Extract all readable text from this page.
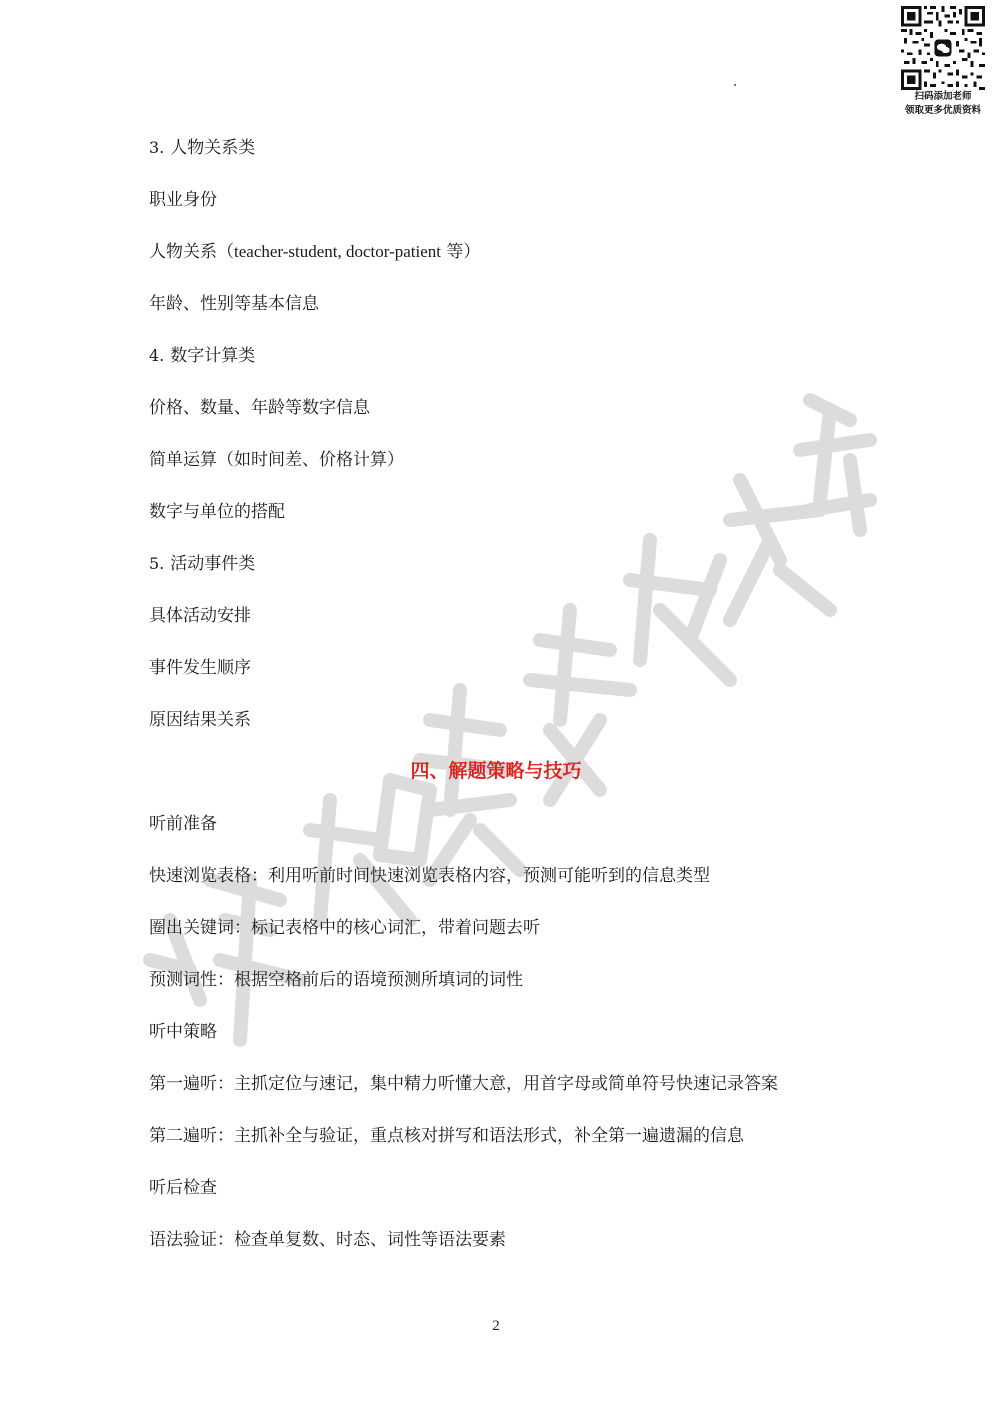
扫码添加老师
领取更多优质资料
3. 人物关系类
职业身份
人物关系（teacher-student, doctor-patient 等）
年龄、性别等基本信息
4. 数字计算类
价格、数量、年龄等数字信息
简单运算（如时间差、价格计算）
数字与单位的搭配
5. 活动事件类
具体活动安排
事件发生顺序
原因结果关系
四、解题策略与技巧
听前准备
快速浏览表格：利用听前时间快速浏览表格内容，预测可能听到的信息类型
圈出关键词：标记表格中的核心词汇，带着问题去听
预测词性：根据空格前后的语境预测所填词的词性
听中策略
第一遍听：主抓定位与速记，集中精力听懂大意，用首字母或简单符号快速记录答案
第二遍听：主抓补全与验证，重点核对拼写和语法形式，补全第一遍遗漏的信息
听后检查
语法验证：检查单复数、时态、词性等语法要素
2
